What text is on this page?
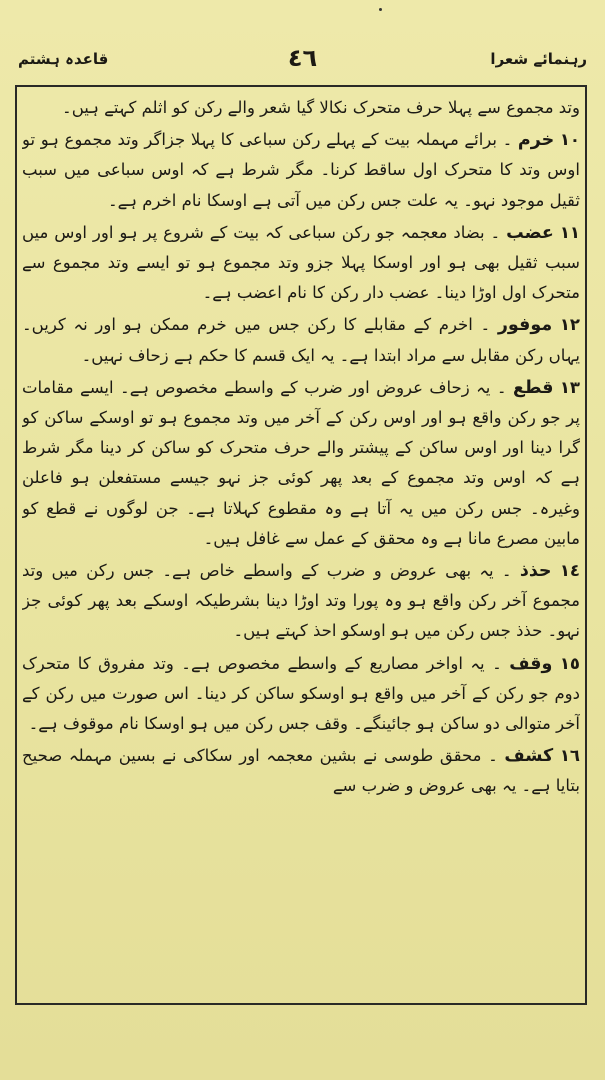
رہنمائے شعرا
٤٦
قاعدہ ہشتم

وتد مجموع سے پہلا حرف متحرک نکالا گیا شعر والے رکن کو اثلم کہتے ہیں۔

١٠ خرم ۔ برائے مہملہ بیت کے پہلے رکن سباعی کا پہلا جزاگر وتد مجموع ہو تو اوس وتد کا متحرک اول ساقط کرنا۔ مگر شرط ہے کہ اوس سباعی میں سبب ثقیل موجود نہو۔ یہ علت جس رکن میں آتی ہے اوسکا نام اخرم ہے۔

١١ عضب ۔ بضاد معجمہ جو رکن سباعی کہ بیت کے شروع پر ہو اور اوس میں سبب ثقیل بھی ہو اور اوسکا پہلا جزو وتد مجموع ہو تو ایسے وتد مجموع سے متحرک اول اوڑا دینا۔ عضب دار رکن کا نام اعضب ہے۔

١٢ موفور ۔ اخرم کے مقابلے کا رکن جس میں خرم ممکن ہو اور نہ کریں۔ یہاں رکن مقابل سے مراد ابتدا ہے۔ یہ ایک قسم کا حکم ہے زحاف نہیں۔

١٣ قطع ۔ یہ زحاف عروض اور ضرب کے واسطے مخصوص ہے۔ ایسے مقامات پر جو رکن واقع ہو اور اوس رکن کے آخر میں وتد مجموع ہو تو اوسکے ساکن کو گرا دینا اور اوس ساکن کے پیشتر والے حرف متحرک کو ساکن کر دینا مگر شرط ہے کہ اوس وتد مجموع کے بعد پھر کوئی جز نہو جیسے مستفعلن ہو فاعلن وغیرہ۔ جس رکن میں یہ آتا ہے وہ مقطوع کہلاتا ہے۔ جن لوگوں نے قطع کو مابین مصرع مانا ہے وہ محقق کے عمل سے غافل ہیں۔

١٤ حذذ ۔ یہ بھی عروض و ضرب کے واسطے خاص ہے۔ جس رکن میں وتد مجموع آخر رکن واقع ہو وہ پورا وتد اوڑا دینا بشرطیکہ اوسکے بعد پھر کوئی جز نہو۔ حذذ جس رکن میں ہو اوسکو احذ کہتے ہیں۔

١٥ وقف ۔ یہ اواخر مصاریع کے واسطے مخصوص ہے۔ وتد مفروق کا متحرک دوم جو رکن کے آخر میں واقع ہو اوسکو ساکن کر دینا۔ اس صورت میں رکن کے آخر متوالی دو ساکن ہو جائینگے۔ وقف جس رکن میں ہو اوسکا نام موقوف ہے۔

١٦ کشف ۔ محقق طوسی نے بشین معجمہ اور سکاکی نے بسین مہملہ صحیح بتایا ہے۔ یہ بھی عروض و ضرب سے
